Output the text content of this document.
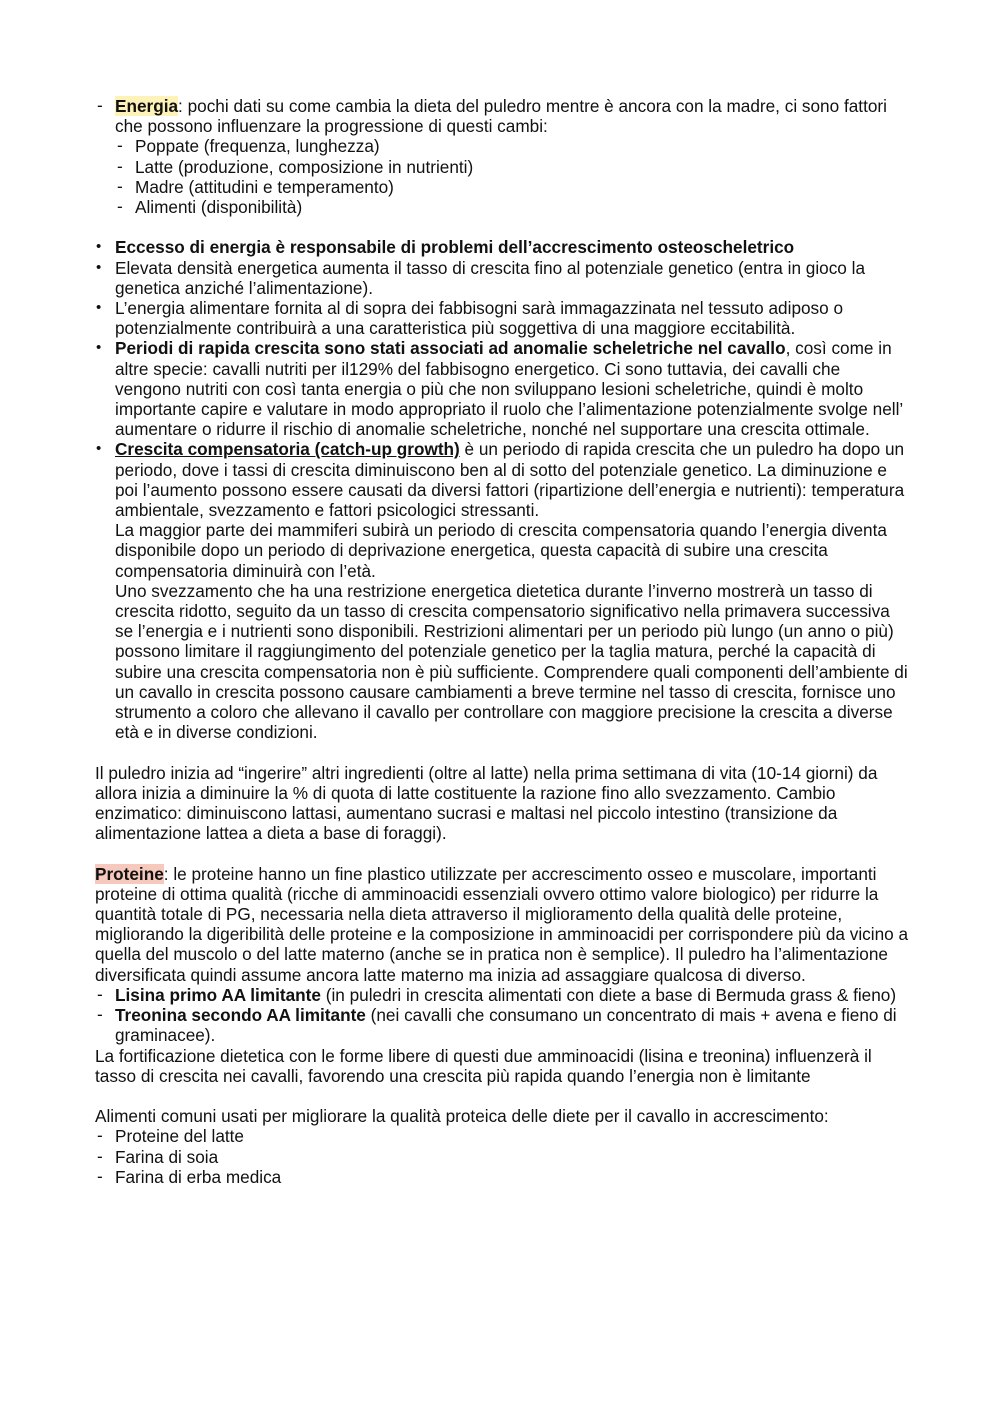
- Energia: pochi dati su come cambia la dieta del puledro mentre è ancora con la madre, ci sono fattori che possono influenzare la progressione di questi cambi:
- Poppate (frequenza, lunghezza)
- Latte (produzione, composizione in nutrienti)
- Madre (attitudini e temperamento)
- Alimenti (disponibilità)
• Eccesso di energia è responsabile di problemi dell’accrescimento osteoscheletrico
• Elevata densità energetica aumenta il tasso di crescita fino al potenziale genetico (entra in gioco la genetica anziché l’alimentazione).
• L’energia alimentare fornita al di sopra dei fabbisogni sarà immagazzinata nel tessuto adiposo o potenzialmente contribuirà a una caratteristica più soggettiva di una maggiore eccitabilità.
• Periodi di rapida crescita sono stati associati ad anomalie scheletriche nel cavallo, così come in altre specie: cavalli nutriti per il129% del fabbisogno energetico. Ci sono tuttavia, dei cavalli che vengono nutriti con così tanta energia o più che non sviluppano lesioni scheletriche, quindi è molto importante capire e valutare in modo appropriato il ruolo che l’alimentazione potenzialmente svolge nell’ aumentare o ridurre il rischio di anomalie scheletriche, nonché nel supportare una crescita ottimale.
• Crescita compensatoria (catch-up growth) è un periodo di rapida crescita che un puledro ha dopo un periodo, dove i tassi di crescita diminuiscono ben al di sotto del potenziale genetico. La diminuzione e poi l’aumento possono essere causati da diversi fattori (ripartizione dell’energia e nutrienti): temperatura ambientale, svezzamento e fattori psicologici stressanti.

La maggior parte dei mammiferi subirà un periodo di crescita compensatoria quando l’energia diventa disponibile dopo un periodo di deprivazione energetica, questa capacità di subire una crescita compensatoria diminuirà con l’età.

Uno svezzamento che ha una restrizione energetica dietetica durante l’inverno mostrerà un tasso di crescita ridotto, seguito da un tasso di crescita compensatorio significativo nella primavera successiva se l’energia e i nutrienti sono disponibili. Restrizioni alimentari per un periodo più lungo (un anno o più) possono limitare il raggiungimento del potenziale genetico per la taglia matura, perché la capacità di subire una crescita compensatoria non è più sufficiente. Comprendere quali componenti dell’ambiente di un cavallo in crescita possono causare cambiamenti a breve termine nel tasso di crescita, fornisce uno strumento a coloro che allevano il cavallo per controllare con maggiore precisione la crescita a diverse età e in diverse condizioni.

Il puledro inizia ad “ingerire” altri ingredienti (oltre al latte) nella prima settimana di vita (10-14 giorni) da allora inizia a diminuire la % di quota di latte costituente la razione fino allo svezzamento. Cambio enzimatico: diminuiscono lattasi, aumentano sucrasi e maltasi nel piccolo intestino (transizione da alimentazione lattea a dieta a base di foraggi).

Proteine: le proteine hanno un fine plastico utilizzate per accrescimento osseo e muscolare, importanti proteine di ottima qualità (ricche di amminoacidi essenziali ovvero ottimo valore biologico) per ridurre la quantità totale di PG, necessaria nella dieta attraverso il miglioramento della qualità delle proteine, migliorando la digeribilità delle proteine e la composizione in amminoacidi per corrispondere più da vicino a quella del muscolo o del latte materno (anche se in pratica non è semplice). Il puledro ha l’alimentazione diversificata quindi assume ancora latte materno ma inizia ad assaggiare qualcosa di diverso.

- Lisina primo AA limitante (in puledri in crescita alimentati con diete a base di Bermuda grass & fieno)
- Treonina secondo AA limitante (nei cavalli che consumano un concentrato di mais + avena e fieno di graminacee).

La fortificazione dietetica con le forme libere di questi due amminoacidi (lisina e treonina) influenzerà il tasso di crescita nei cavalli, favorendo una crescita più rapida quando l’energia non è limitante

Alimenti comuni usati per migliorare la qualità proteica delle diete per il cavallo in accrescimento:

- Proteine del latte
- Farina di soia
- Farina di erba medica
